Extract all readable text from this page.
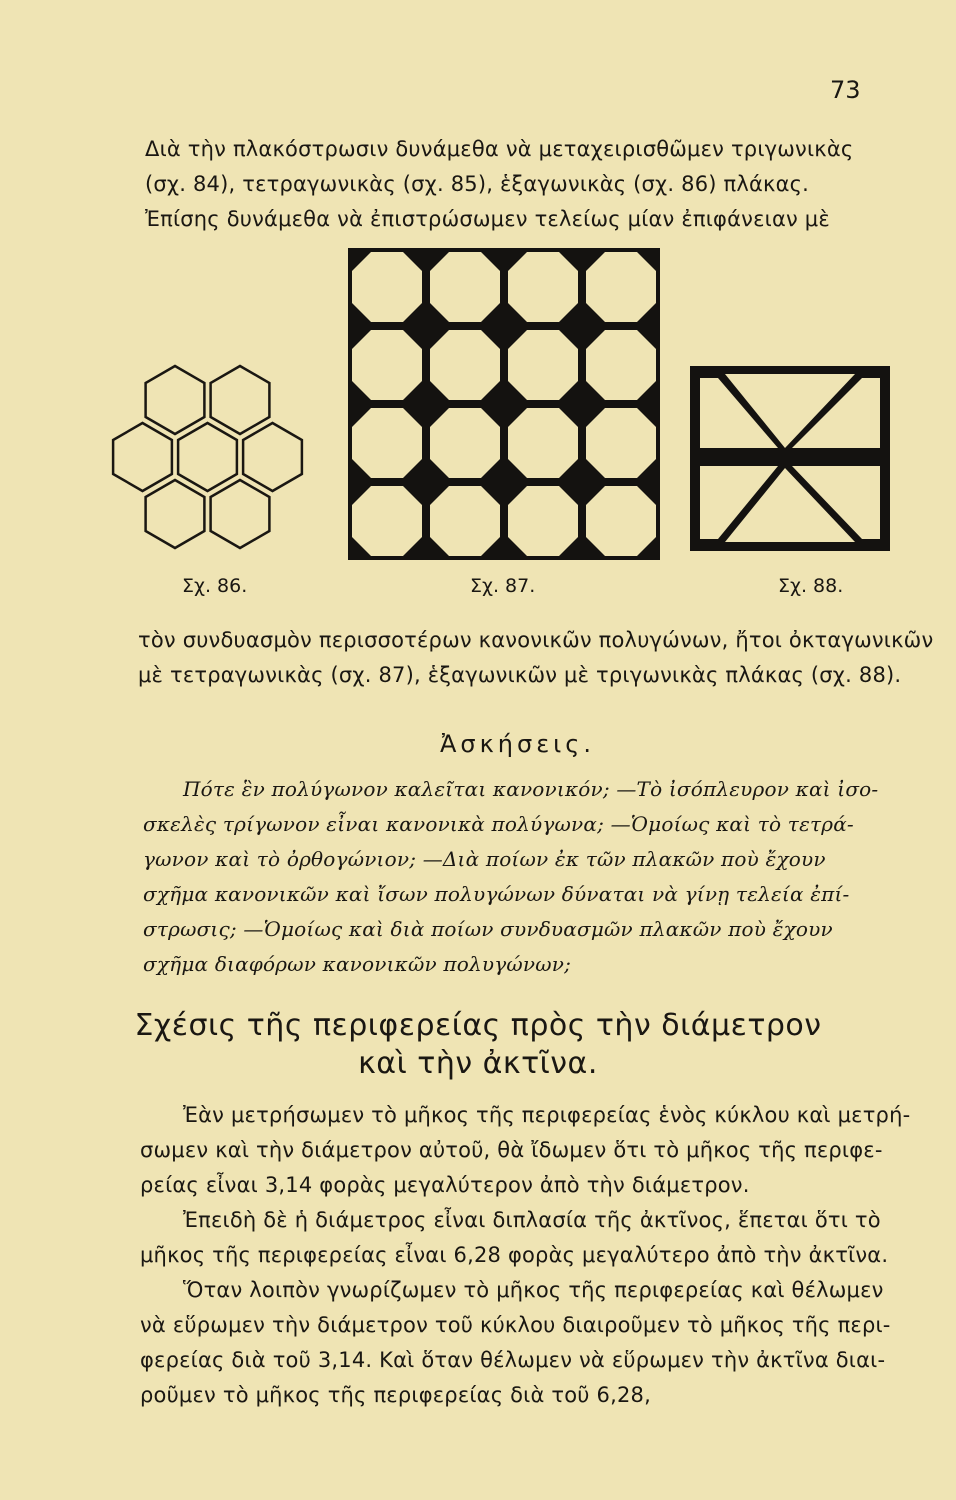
73
Διὰ τὴν πλακόστρωσιν δυνάμεθα νὰ μεταχειρισθῶμεν τριγωνικὰς
(σχ. 84), τετραγωνικὰς (σχ. 85), ἑξαγωνικὰς (σχ. 86) πλάκας.
Ἐπίσης δυνάμεθα νὰ ἐπιστρώσωμεν τελείως μίαν ἐπιφάνειαν μὲ
Σχ. 86.	Σχ. 87.	Σχ. 88.
τὸν συνδυασμὸν περισσοτέρων κανονικῶν πολυγώνων, ἤτοι ὀκταγωνικῶν
μὲ τετραγωνικὰς (σχ. 87), ἑξαγωνικῶν μὲ τριγωνικὰς πλάκας (σχ. 88).
Ἀσκήσεις.
Πότε ἓν πολύγωνον καλεῖται κανονικόν; —Τὸ ἰσόπλευρον καὶ ἰσο-
σκελὲς τρίγωνον εἶναι κανονικὰ πολύγωνα; —Ὁμοίως καὶ τὸ τετρά-
γωνον καὶ τὸ ὀρθογώνιον; —Διὰ ποίων ἐκ τῶν πλακῶν ποὺ ἔχουν
σχῆμα κανονικῶν καὶ ἴσων πολυγώνων δύναται νὰ γίνῃ τελεία ἐπί-
στρωσις; —Ὁμοίως καὶ διὰ ποίων συνδυασμῶν πλακῶν ποὺ ἔχουν
σχῆμα διαφόρων κανονικῶν πολυγώνων;
Σχέσις τῆς περιφερείας πρὸς τὴν διάμετρον
καὶ τὴν ἀκτῖνα.
Ἐὰν μετρήσωμεν τὸ μῆκος τῆς περιφερείας ἑνὸς κύκλου καὶ μετρή-
σωμεν καὶ τὴν διάμετρον αὐτοῦ, θὰ ἴδωμεν ὅτι τὸ μῆκος τῆς περιφε-
ρείας εἶναι 3,14 φορὰς μεγαλύτερον ἀπὸ τὴν διάμετρον.
Ἐπειδὴ δὲ ἡ διάμετρος εἶναι διπλασία τῆς ἀκτῖνος, ἕπεται ὅτι τὸ
μῆκος τῆς περιφερείας εἶναι 6,28 φορὰς μεγαλύτερο ἀπὸ τὴν ἀκτῖνα.
Ὅταν λοιπὸν γνωρίζωμεν τὸ μῆκος τῆς περιφερείας καὶ θέλωμεν
νὰ εὕρωμεν τὴν διάμετρον τοῦ κύκλου διαιροῦμεν τὸ μῆκος τῆς περι-
φερείας διὰ τοῦ 3,14. Καὶ ὅταν θέλωμεν νὰ εὕρωμεν τὴν ἀκτῖνα διαι-
ροῦμεν τὸ μῆκος τῆς περιφερείας διὰ τοῦ 6,28,
